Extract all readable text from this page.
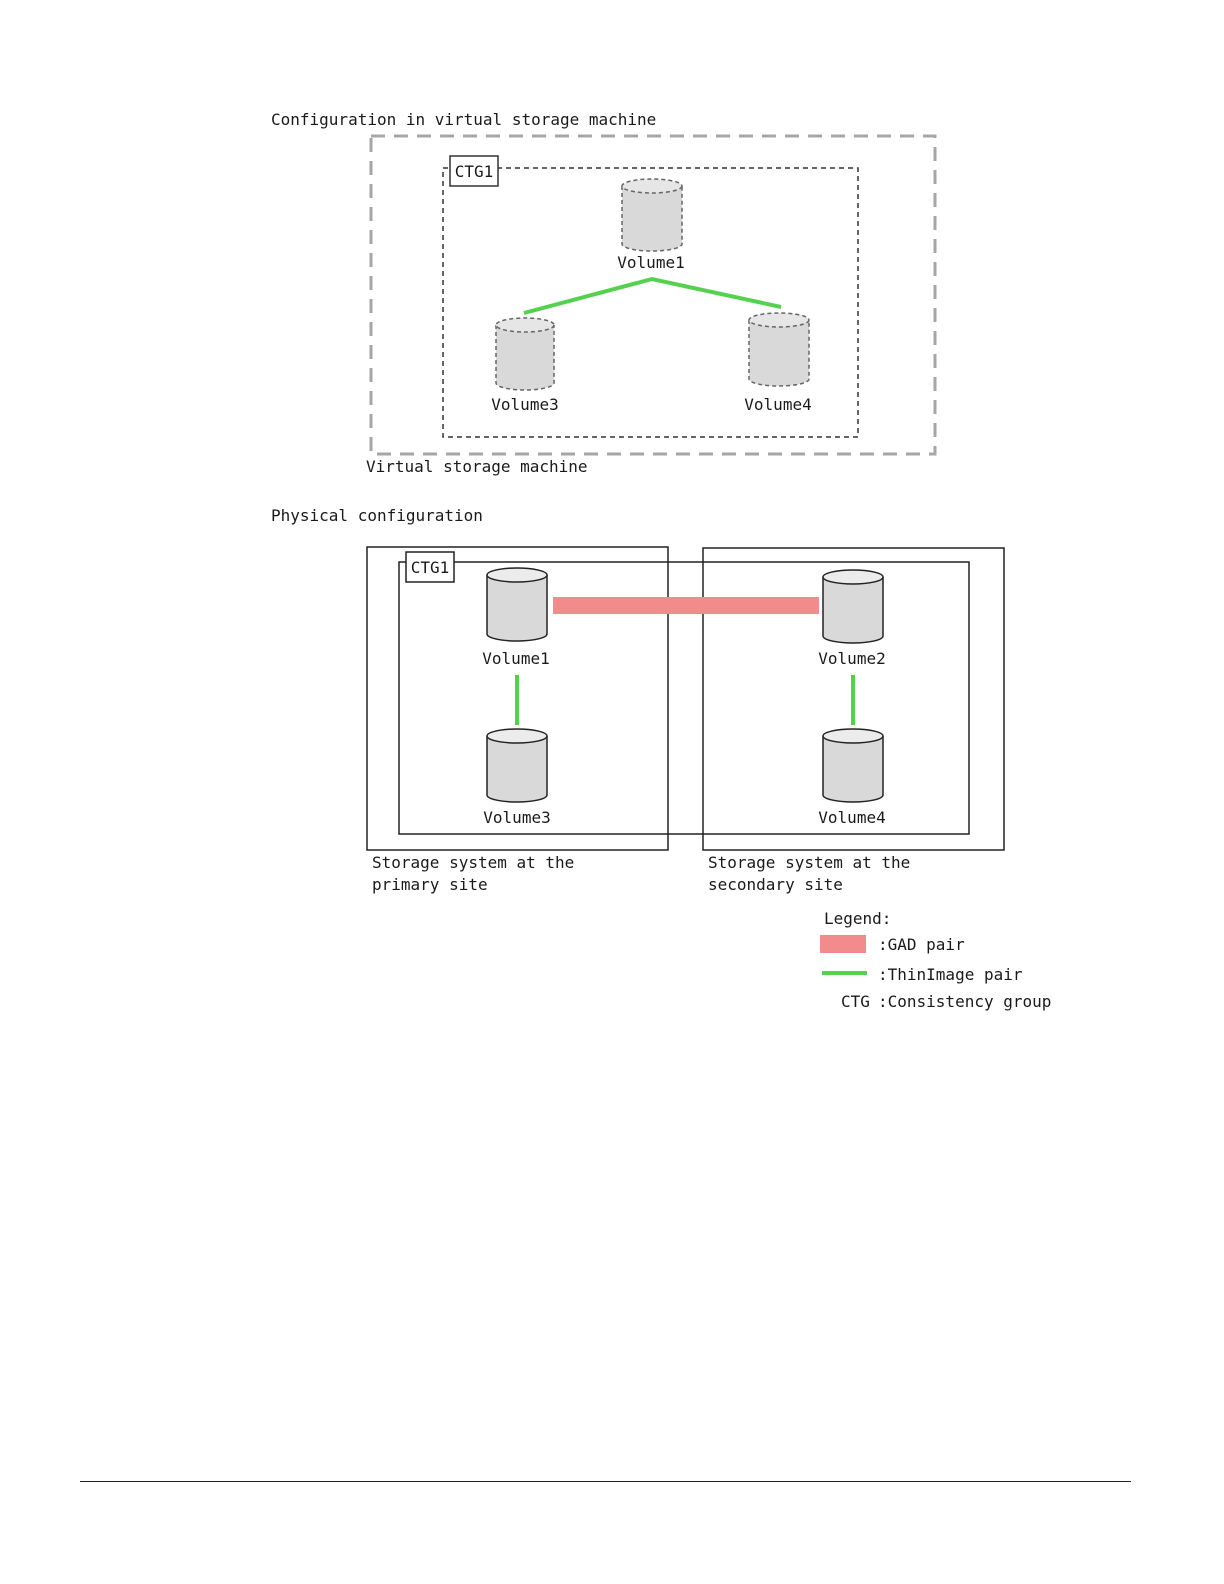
Configuration in virtual storage machine
Virtual storage machine
CTG1
Volume1
Volume3	Volume4
Physical configuration
CTG1
Volume1
Volume3
Volume2
Volume4
Storage system at the
primary site
Storage system at the
secondary site
Legend:
:GAD pair
:ThinImage pair
CTG :Consistency group
